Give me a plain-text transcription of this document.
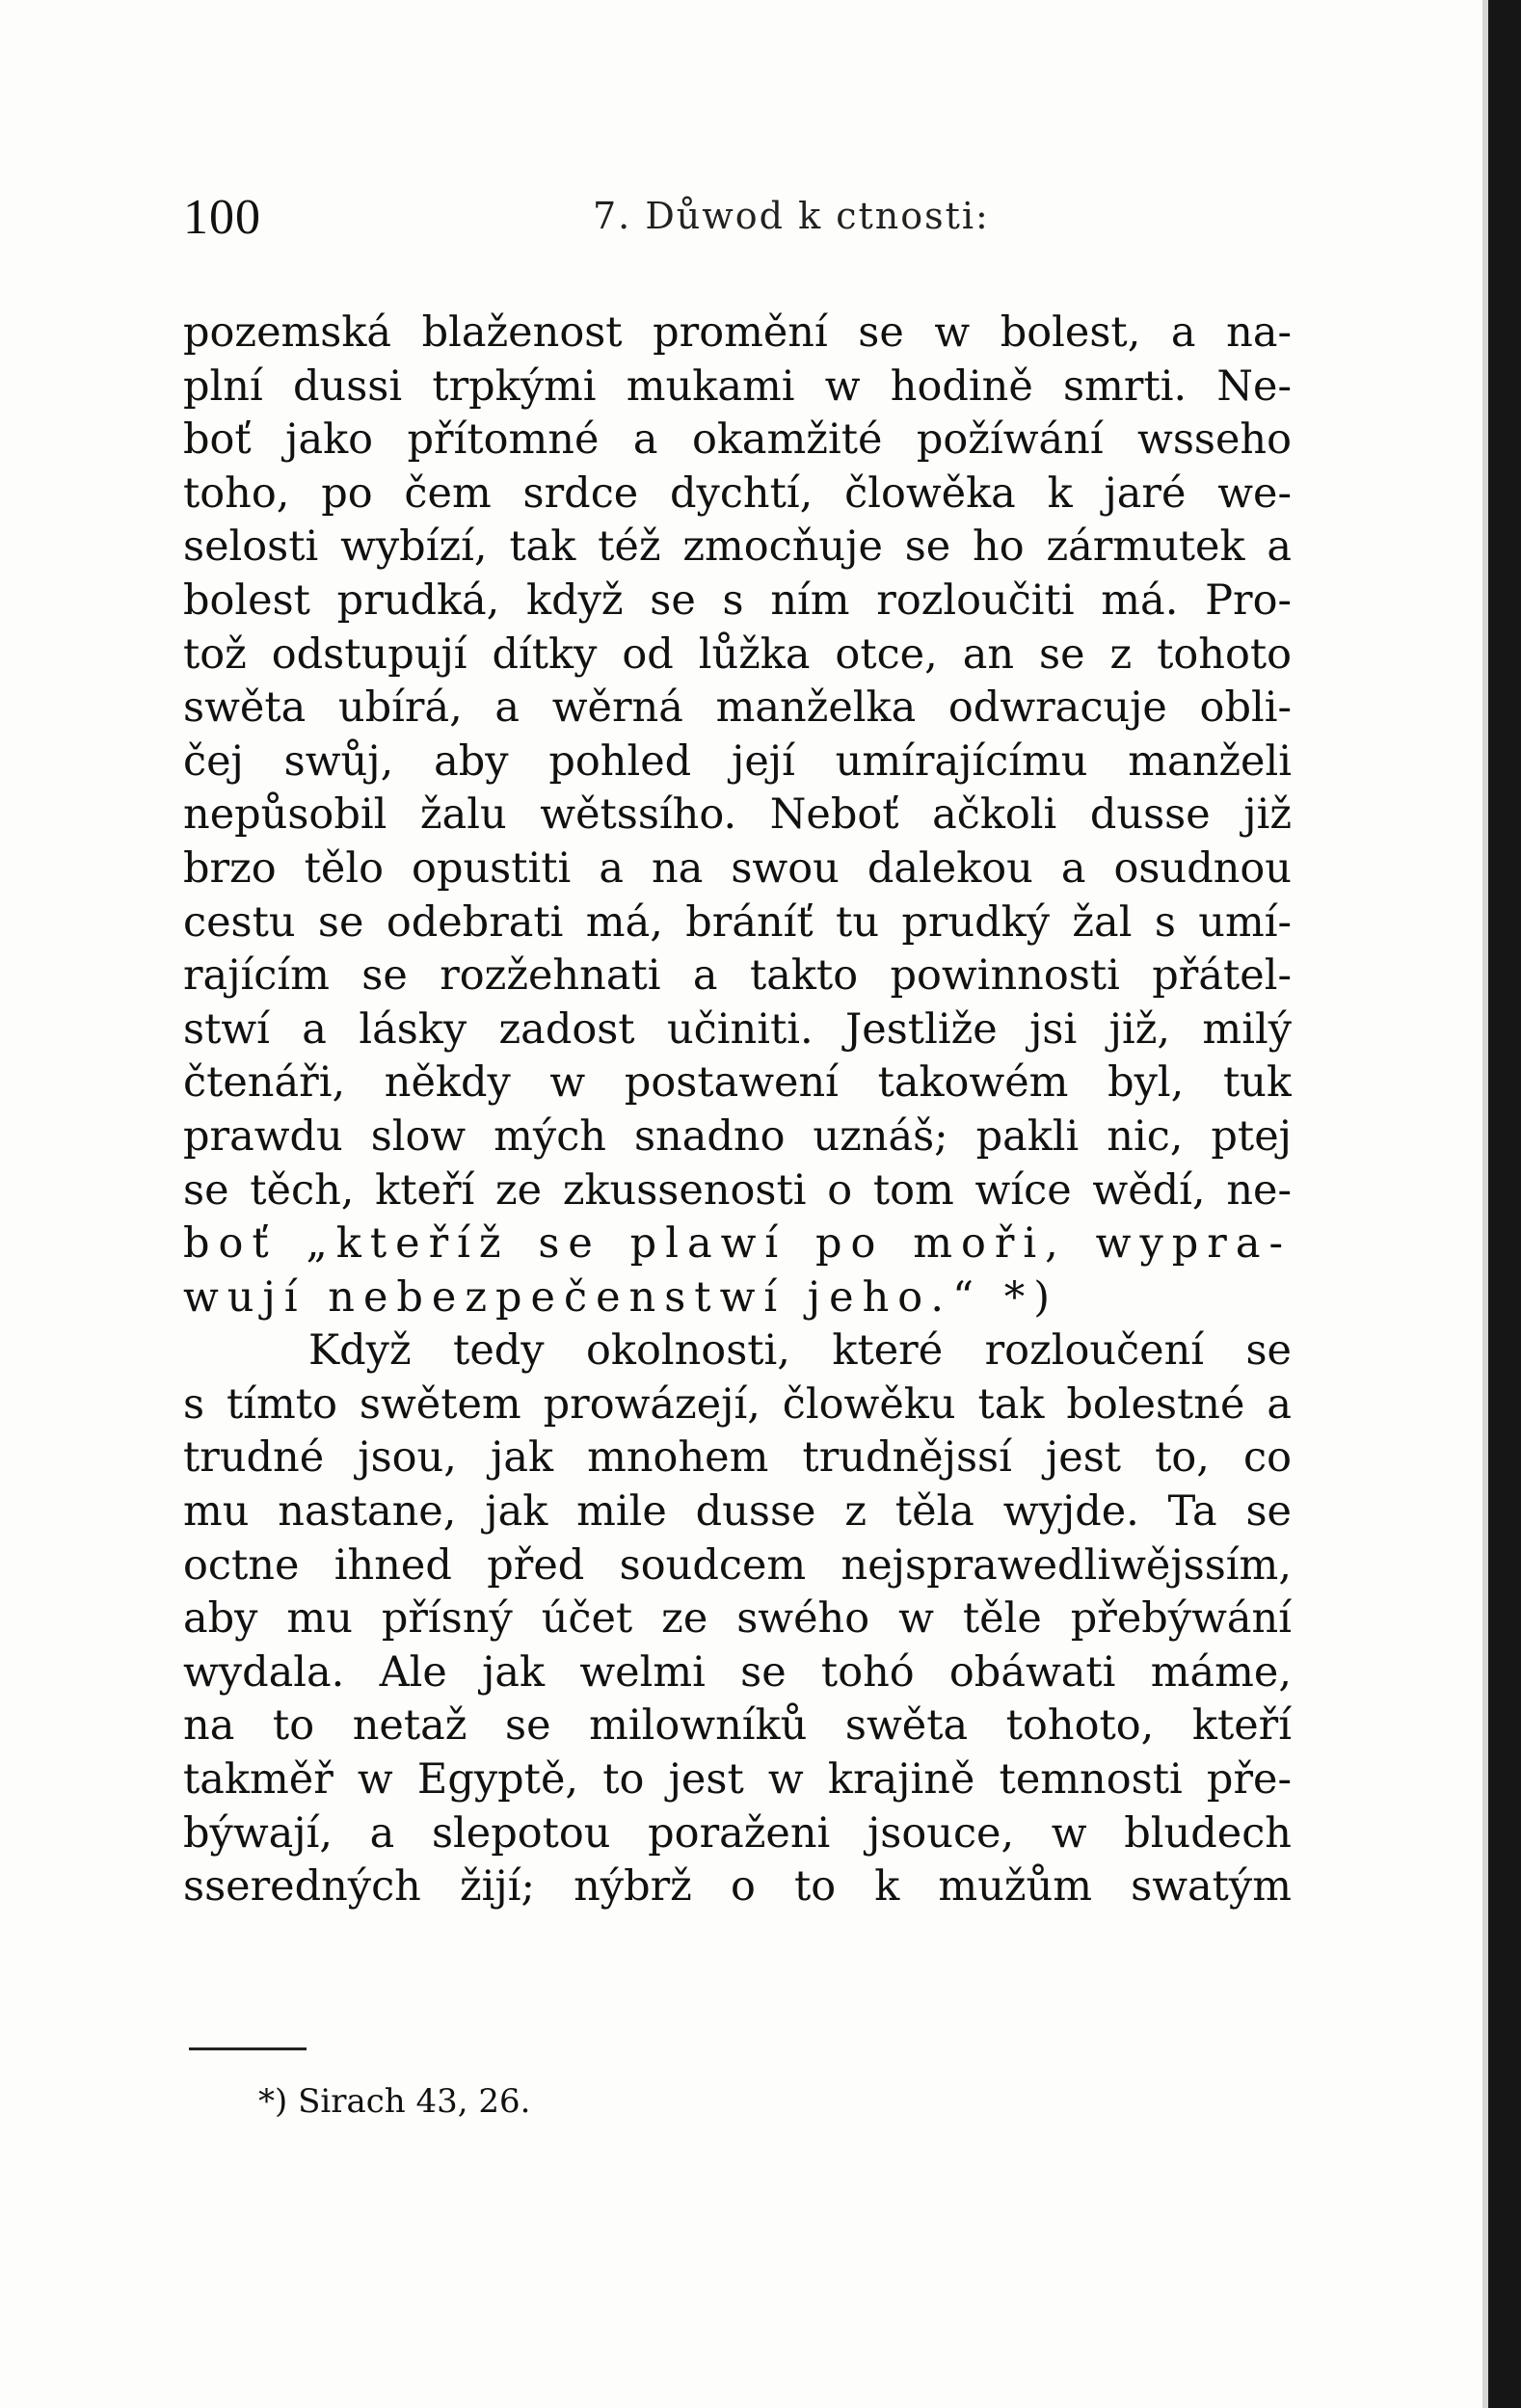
100	7. Důwod k ctnosti:
pozemská blaženost promění se w bolest, a na-
plní dussi trpkými mukami w hodině smrti. Ne-
boť jako přítomné a okamžité požíwání wsseho
toho, po čem srdce dychtí, člowěka k jaré we-
selosti wybízí, tak též zmocňuje se ho zármutek a
bolest prudká, když se s ním rozloučiti má. Pro-
tož odstupují dítky od lůžka otce, an se z tohoto
swěta ubírá, a wěrná manželka odwracuje obli-
čej swůj, aby pohled její umírajícímu manželi
nepůsobil žalu wětssího. Neboť ačkoli dusse již
brzo tělo opustiti a na swou dalekou a osudnou
cestu se odebrati má, bráníť tu prudký žal s umí-
rajícím se rozžehnati a takto powinnosti přátel-
stwí a lásky zadost učiniti. Jestliže jsi již, milý
čtenáři, někdy w postawení takowém byl, tuk
prawdu slow mých snadno uznáš; pakli nic, ptej
se těch, kteří ze zkussenosti o tom wíce wědí, ne-
boť „kteříž se plawí po moři, wypra-
wují nebezpečenstwí jeho.“ *)
Když tedy okolnosti, které rozloučení se
s tímto swětem prowázejí, člowěku tak bolestné a
trudné jsou, jak mnohem trudnějssí jest to, co
mu nastane, jak mile dusse z těla wyjde. Ta se
octne ihned před soudcem nejsprawedliwějssím,
aby mu přísný účet ze swého w těle přebýwání
wydala. Ale jak welmi se tohó obáwati máme,
na to netaž se milowníků swěta tohoto, kteří
takměř w Egyptě, to jest w krajině temnosti pře-
býwají, a slepotou poraženi jsouce, w bludech
sseredných žijí; nýbrž o to k mužům swatým
*) Sirach 43, 26.
